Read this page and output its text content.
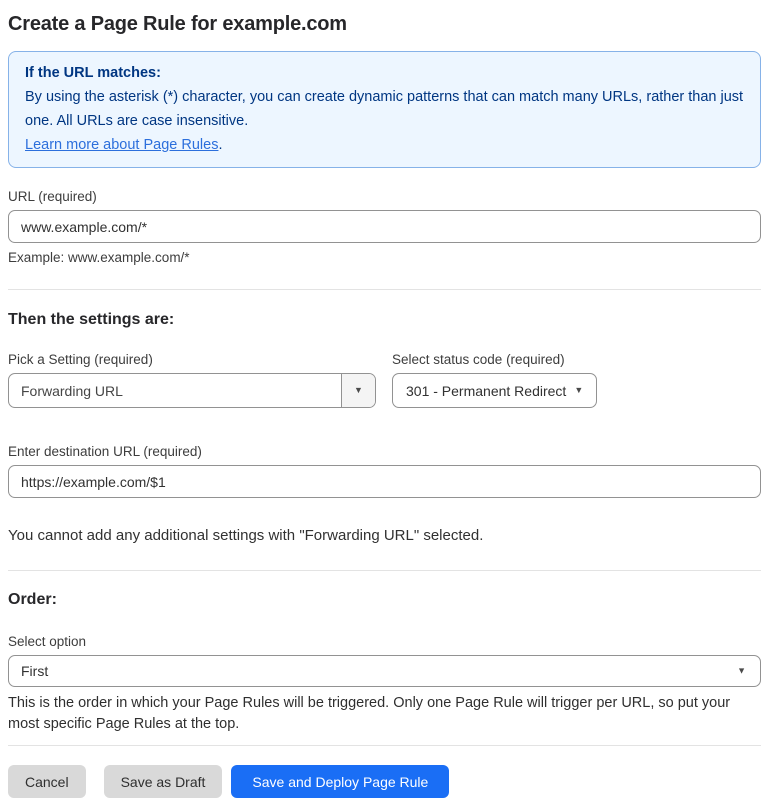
Create a Page Rule for example.com
If the URL matches:
By using the asterisk (*) character, you can create dynamic patterns that can match many URLs, rather than just one. All URLs are case insensitive.
Learn more about Page Rules.
URL (required)
www.example.com/*
Example: www.example.com/*
Then the settings are:
Pick a Setting (required)
Forwarding URL	▼
Select status code (required)
301 - Permanent Redirect ▼
Enter destination URL (required)
https://example.com/$1
You cannot add any additional settings with "Forwarding URL" selected.
Order:
Select option
First	▼
This is the order in which your Page Rules will be triggered. Only one Page Rule will trigger per URL, so put your most specific Page Rules at the top.
Cancel	Save as Draft	Save and Deploy Page Rule
